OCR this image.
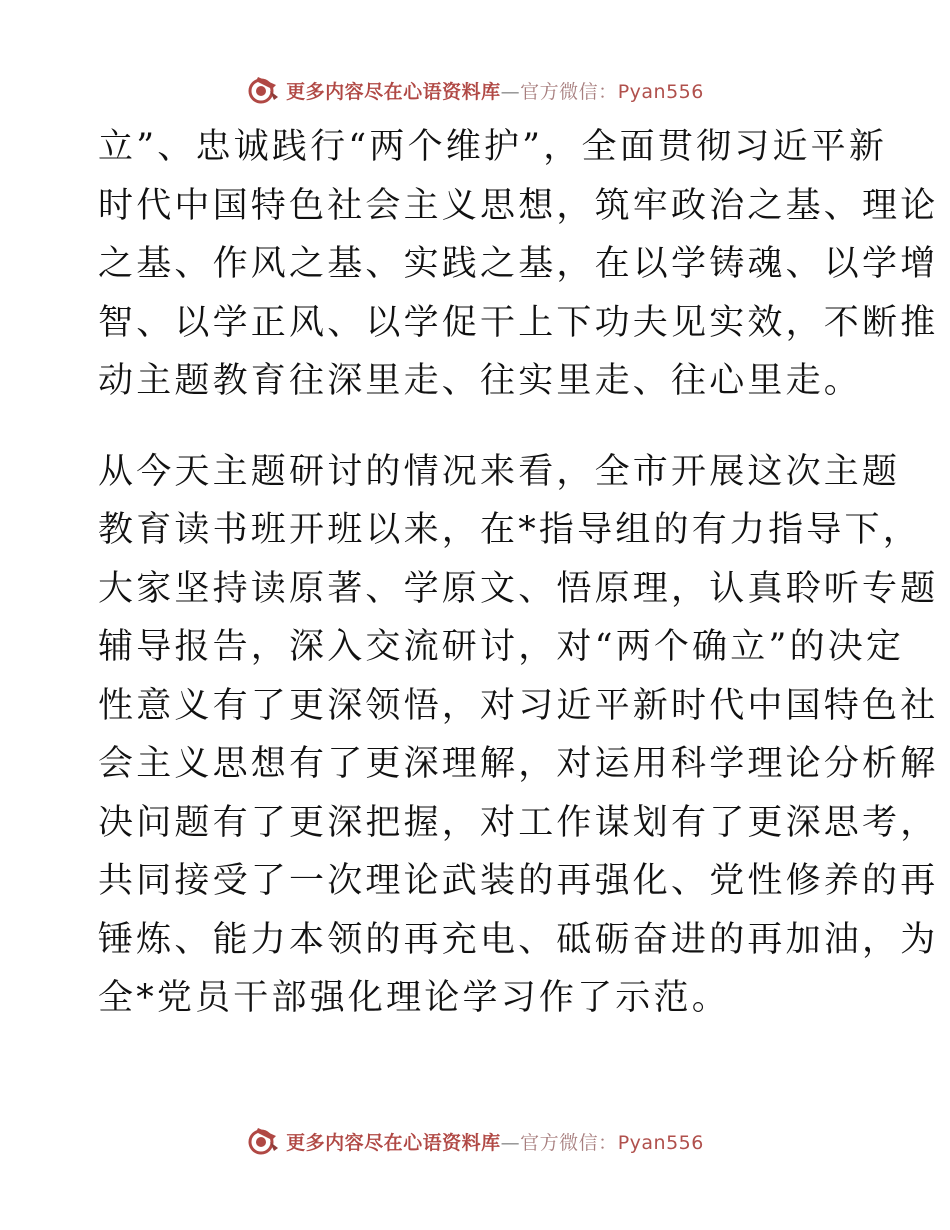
更多内容尽在心语资料库—官方微信：Pyan556
立”、忠诚践行“两个维护”，全面贯彻习近平新
时代中国特色社会主义思想，筑牢政治之基、理论
之基、作风之基、实践之基，在以学铸魂、以学增
智、以学正风、以学促干上下功夫见实效，不断推
动主题教育往深里走、往实里走、往心里走。
从今天主题研讨的情况来看，全市开展这次主题
教育读书班开班以来，在*指导组的有力指导下，
大家坚持读原著、学原文、悟原理，认真聆听专题
辅导报告，深入交流研讨，对“两个确立”的决定
性意义有了更深领悟，对习近平新时代中国特色社
会主义思想有了更深理解，对运用科学理论分析解
决问题有了更深把握，对工作谋划有了更深思考，
共同接受了一次理论武装的再强化、党性修养的再
锤炼、能力本领的再充电、砥砺奋进的再加油，为
全*党员干部强化理论学习作了示范。
更多内容尽在心语资料库—官方微信：Pyan556
